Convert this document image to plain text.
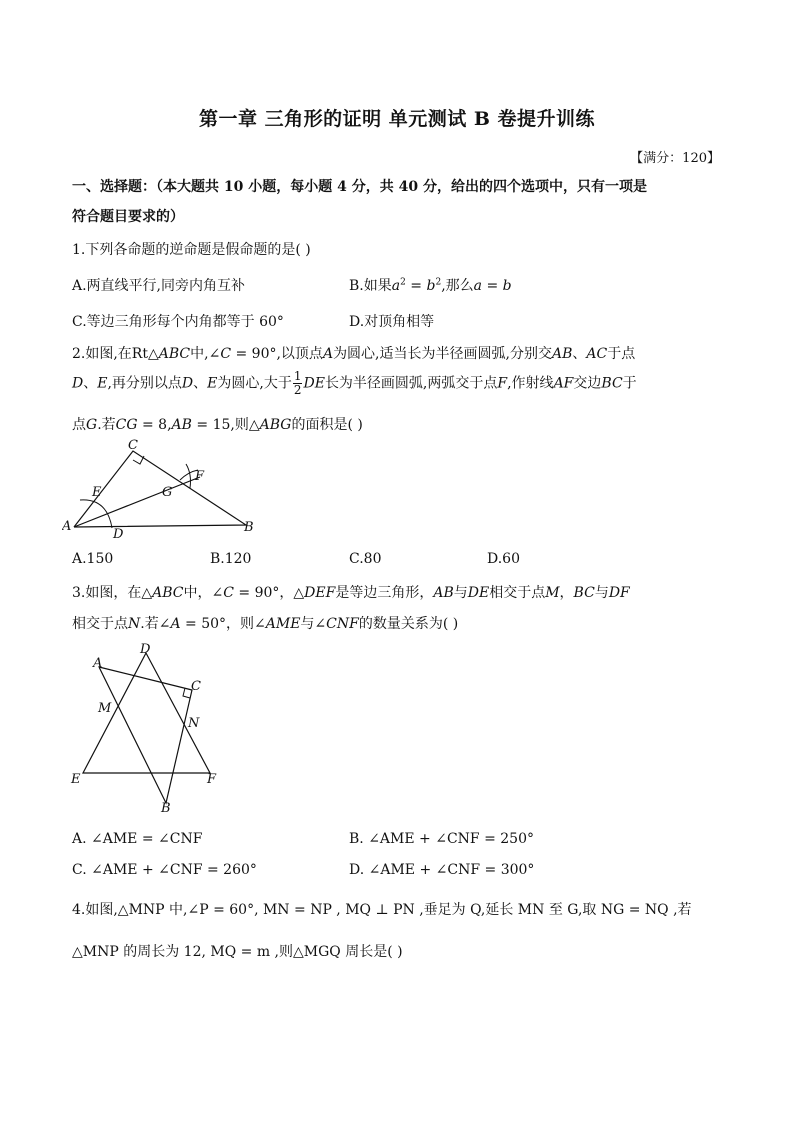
第一章 三角形的证明 单元测试 B 卷提升训练
【满分：120】
一、选择题：（本大题共 10 小题，每小题 4 分，共 40 分，给出的四个选项中，只有一项是
符合题目要求的）
1.下列各命题的逆命题是假命题的是( )
A.两直线平行,同旁内角互补	B.如果$a^2 = b^2$,那么a = b
C.等边三角形每个内角都等于 60°	D.对顶角相等
2.如图,在Rt△ABC中,∠C = 90°,以顶点A为圆心,适当长为半径画圆弧,分别交AB、AC于点
D、E,再分别以点D、E为圆心,大于 $\frac{1}{2}$ DE长为半径画圆弧,两弧交于点F,作射线AF交边BC于
点G.若CG = 8,AB = 15,则△ABG的面积是( )
C
E	G
F
A
D	B
A.150	B.120	C.80	D.60
3.如图，在△ABC中，∠C = 90°，△DEF是等边三角形，AB与DE相交于点M，BC与DF
相交于点N.若∠A = 50°，则∠AME与∠CNF的数量关系为( )
A
D
C
M
N
E	F
B
A. ∠AME = ∠CNF	B. ∠AME + ∠CNF = 250°
C. ∠AME + ∠CNF = 260°	D. ∠AME + ∠CNF = 300°
4.如图,△MNP 中,∠P = 60°, MN = NP , MQ ⊥ PN ,垂足为 Q,延长 MN 至 G,取 NG = NQ ,若
△MNP 的周长为 12, MQ = m ,则△MGQ 周长是( )
